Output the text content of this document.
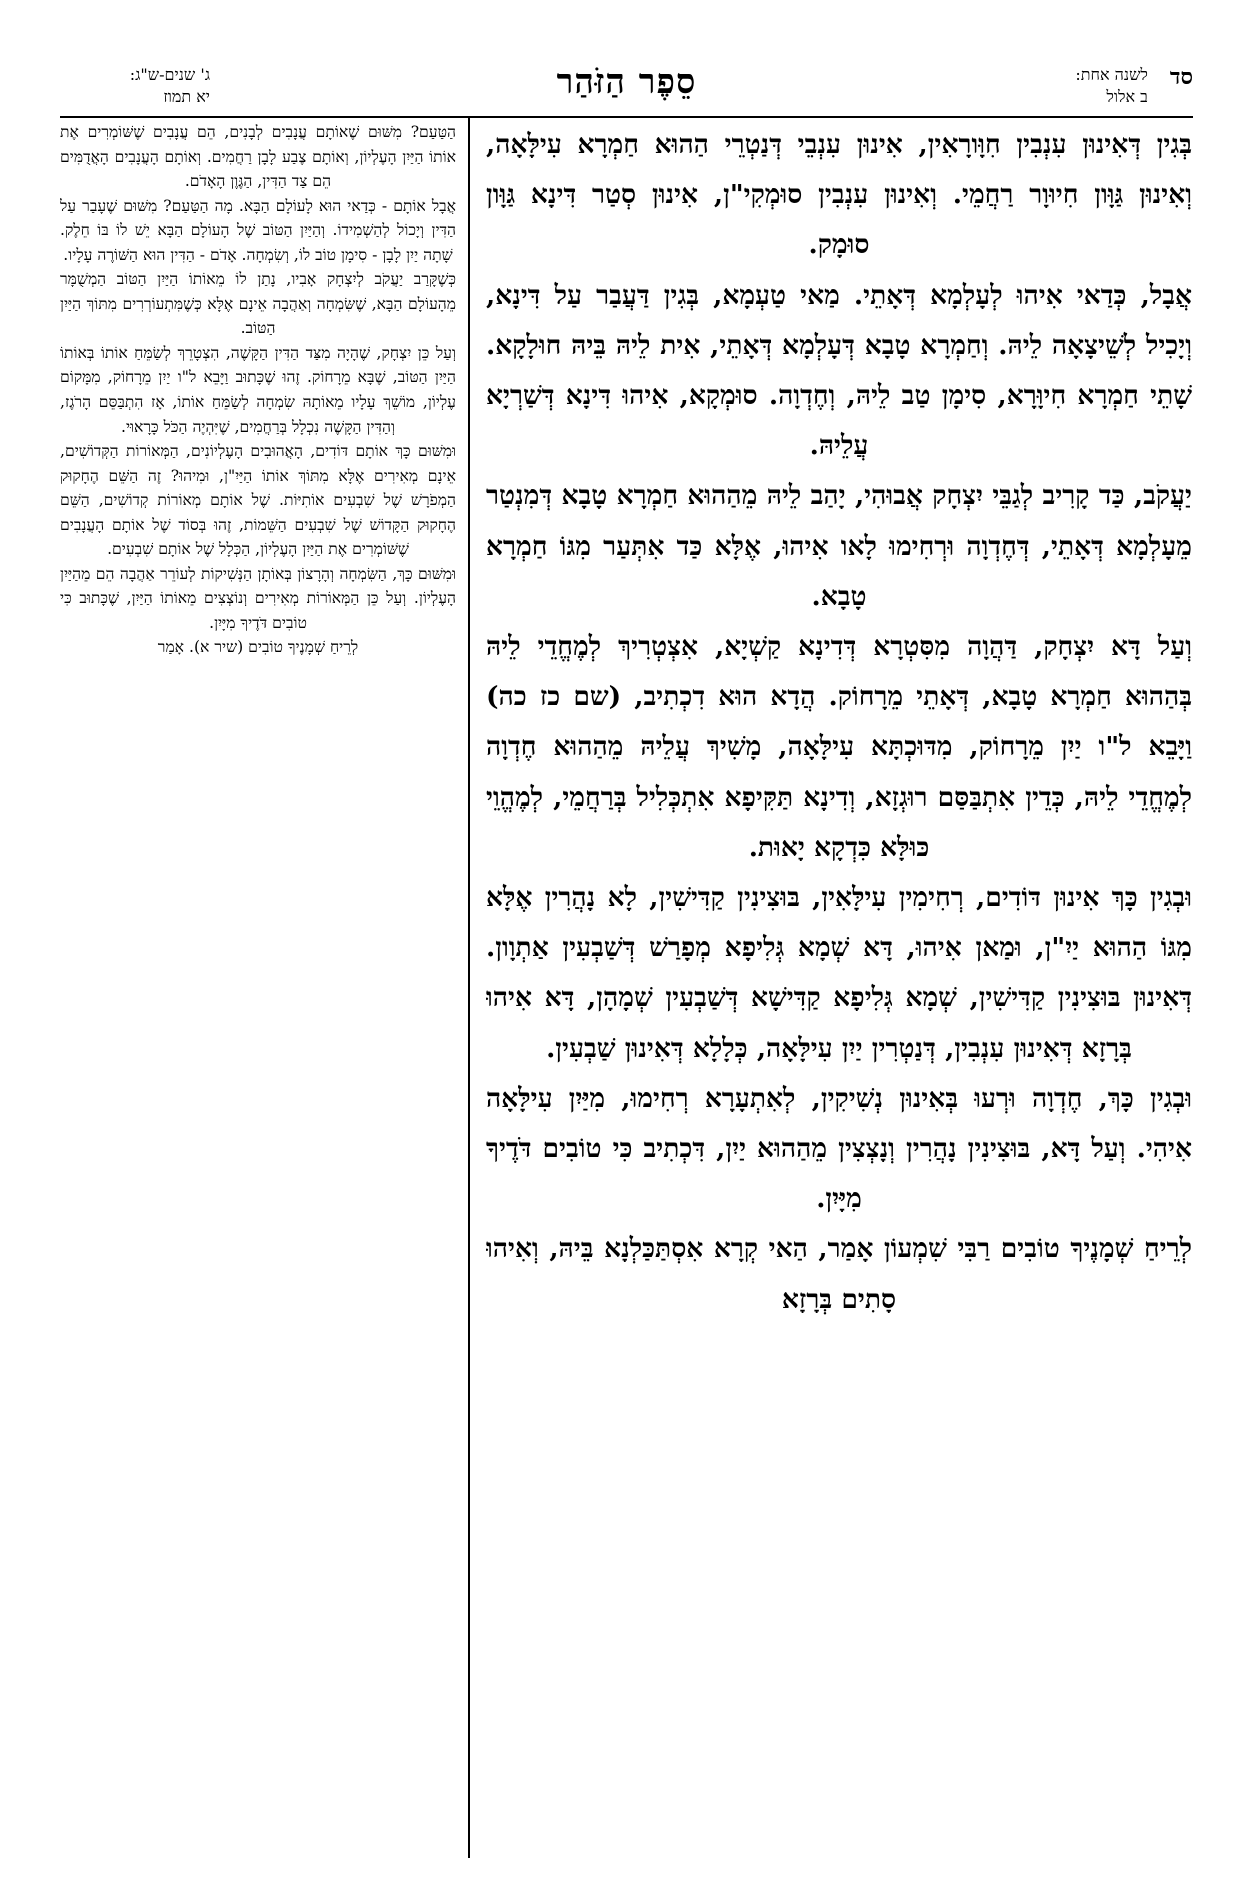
סד
לשנה אחת:
ב אלול
סֵפֶר הַזֹּהַר
ג' שנים-ש"ג:
יא תמוז

בְּגִין דְּאִינוּן עִנְבִין חִוָּורָאִין, אִינוּן עִנְבֵי דְּנַטְרֵי הַהוּא חַמְרָא עִילָּאָה, וְאִינוּן גַּוָּון חִיוּוָר רַחֲמֵי. וְאִינוּן עִנְבִין סוּמְקִי"ן, אִינוּן סְטַר דִּינָא גַּוָּון סוּמָק.

אֲבָל, כְּדַאי אִיהוּ לְעָלְמָא דְּאָתֵי. מַאי טַעְמָא, בְּגִין דַּעֲבַר עַל דִּינָא, וְיָכִיל לְשֵׁיצָאָה לֵיהּ. וְחַמְרָא טָבָא דְּעָלְמָא דְּאָתֵי, אִית לֵיהּ בֵּיהּ חוּלָקָא. שָׁתֵי חַמְרָא חִיוָּרָא, סִימָן טַב לֵיהּ, וְחֶדְוָה. סוּמְקָא, אִיהוּ דִּינָא דְּשַׁרְיָא עֲלֵיהּ.

יַעֲקֹב, כַּד קָרִיב לְגַבֵּי יִצְחָק אֲבוּהִי, יָהַב לֵיהּ מֵהַהוּא חַמְרָא טָבָא דְּמִנְטַר מֵעָלְמָא דְּאָתֵי, דְּחֶדְוָה וּרְחִימוּ לָאו אִיהוּ, אֶלָּא כַּד אִתְּעַר מִגּוֹ חַמְרָא טָבָא.

וְעַל דָּא יִצְחָק, דַּהֲוָה מִסִּטְרָא דְּדִינָא קַשְׁיָא, אִצְטְרִיךְ לְמֶחֱדֵי לֵיהּ בְּהַהוּא חַמְרָא טָבָא, דְּאָתֵי מֵרָחוֹק. הֲדָא הוּא דִכְתִיב, (שם כז כה) וַיָּבֵא ל"ו יַיִן מֵרָחוֹק, מִדּוּכְתָּא עִילָּאָה, מָשִׁיךְ עֲלֵיהּ מֵהַהוּא חֶדְוָה לְמֶחֱדֵי לֵיהּ, כְּדֵין אִתְבַּסַּם רוּגְזָא, וְדִינָא תַּקִּיפָא אִתְכְּלִיל בְּרַחֲמֵי, לְמֶהֱוֵי כּוּלָּא כִּדְקָא יָאוּת.

וּבְגִין כָּךְ אִינוּן דּוֹדִים, רְחִימִין עִילָּאִין, בּוּצִינִין קַדִּישִׁין, לָא נָהֲרִין אֶלָּא מִגּוֹ הַהוּא יַיִ"ן, וּמַאן אִיהוּ, דָּא שְׁמָא גְּלִיפָא מְפָרַשׁ דְּשַׁבְעִין אַתְוָון. דְּאִינוּן בּוּצִינִין קַדִּישִׁין, שְׁמָא גְּלִיפָא קַדִּישָׁא דְּשַׁבְעִין שְׁמָהָן, דָּא אִיהוּ בְּרָזָא דְּאִינוּן עִנְבִין, דְּנַטְרִין יַיִן עִילָּאָה, כְּלָלָא דְּאִינוּן שַׁבְעִין.

וּבְגִין כָּךְ, חֶדְוָה וּרְעוּ בְּאִינוּן נְשִׁיקִין, לְאִתְעָרָא רְחִימוּ, מִיַּיִן עִילָּאָה אִיהִי. וְעַל דָּא, בּוּצִינִין נָהֲרִין וְנָצְצִין מֵהַהוּא יַיִן, דִּכְתִיב כִּי טוֹבִים דֹּדֶיךָ מִיָּיִן.

לְרֵיחַ שְׁמָנֶיךָ טוֹבִים רַבִּי שִׁמְעוֹן אָמַר, הַאי קְרָא אִסְתַּכַּלְנָא בֵּיהּ, וְאִיהוּ סָתִים בְּרָזָא

הַטַּעַם? מִשּׁוּם שֶׁאוֹתָם עֲנָבִים לְבָנִים, הֵם עֲנָבִים שֶׁשּׁוֹמְרִים אֶת אוֹתוֹ הַיַּיִן הָעֶלְיוֹן, וְאוֹתָם צֶבַע לָבָן רַחֲמִים. וְאוֹתָם הָעֲנָבִים הָאֲדֻמִּים הֵם צַד הַדִּין, הַגֶּוֶן הָאָדֹם.

אֲבָל אוֹתָם - כְּדַאי הוּא לָעוֹלָם הַבָּא. מָה הַטַּעַם? מִשּׁוּם שֶׁעָבַר עַל הַדִּין וְיָכוֹל לְהַשְׁמִידוֹ. וְהַיַּיִן הַטּוֹב שֶׁל הָעוֹלָם הַבָּא יֵשׁ לוֹ בּוֹ חֵלֶק. שָׁתָה יַיִן לָבָן - סִימָן טוֹב לוֹ, וְשִׂמְחָה. אָדֹם - הַדִּין הוּא הַשּׁוֹרֶה עָלָיו.

כְּשֶׁקָּרַב יַעֲקֹב לְיִצְחָק אָבִיו, נָתַן לוֹ מֵאוֹתוֹ הַיַּיִן הַטּוֹב הַמְשֻׁמָּר מֵהָעוֹלָם הַבָּא, שֶׁשִּׂמְחָה וְאַהֲבָה אֵינָם אֶלָּא כְּשֶׁמִּתְעוֹרְרִים מִתּוֹךְ הַיַּיִן הַטּוֹב.

וְעַל כֵּן יִצְחָק, שֶׁהָיָה מִצַּד הַדִּין הַקָּשֶׁה, הִצְטָרֵךְ לְשַׂמֵּחַ אוֹתוֹ בְּאוֹתוֹ הַיַּיִן הַטּוֹב, שֶׁבָּא מֵרָחוֹק. זֶהוּ שֶׁכָּתוּב וַיָּבֵא ל"ו יַיִן מֵרָחוֹק, מִמָּקוֹם עֶלְיוֹן, מוֹשֵׁךְ עָלָיו מֵאוֹתָהּ שִׂמְחָה לְשַׂמֵּחַ אוֹתוֹ, אָז הִתְבַּסֵּם הָרֹגֶז, וְהַדִּין הַקָּשֶׁה נִכְלָל בְּרַחֲמִים, שֶׁיִּהְיֶה הַכֹּל כָּרָאוּי.

וּמִשּׁוּם כָּךְ אוֹתָם דּוֹדִים, הָאֲהוּבִים הָעֶלְיוֹנִים, הַמְּאוֹרוֹת הַקְּדוֹשִׁים, אֵינָם מְאִירִים אֶלָּא מִתּוֹךְ אוֹתוֹ הַיַּיִ"ן, וּמִיהוּ? זֶה הַשֵּׁם הֶחָקוּק הַמְפֹרָשׁ שֶׁל שִׁבְעִים אוֹתִיּוֹת. שֶׁל אוֹתָם מְאוֹרוֹת קְדוֹשִׁים, הַשֵּׁם הֶחָקוּק הַקָּדוֹשׁ שֶׁל שִׁבְעִים הַשֵּׁמוֹת, זֶהוּ בְּסוֹד שֶׁל אוֹתָם הָעֲנָבִים שֶׁשּׁוֹמְרִים אֶת הַיַּיִן הָעֶלְיוֹן, הַכְּלָל שֶׁל אוֹתָם שִׁבְעִים.

וּמִשּׁוּם כָּךְ, הַשִּׂמְחָה וְהָרָצוֹן בְּאוֹתָן הַנְּשִׁיקוֹת לְעוֹרֵר אַהֲבָה הֵם מֵהַיַּיִן הָעֶלְיוֹן. וְעַל כֵּן הַמְּאוֹרוֹת מְאִירִים וְנוֹצְצִים מֵאוֹתוֹ הַיַּיִן, שֶׁכָּתוּב כִּי טוֹבִים דֹּדֶיךָ מִיָּיִן.

לְרֵיחַ שְׁמָנֶיךָ טוֹבִים (שיר א). אָמַר
